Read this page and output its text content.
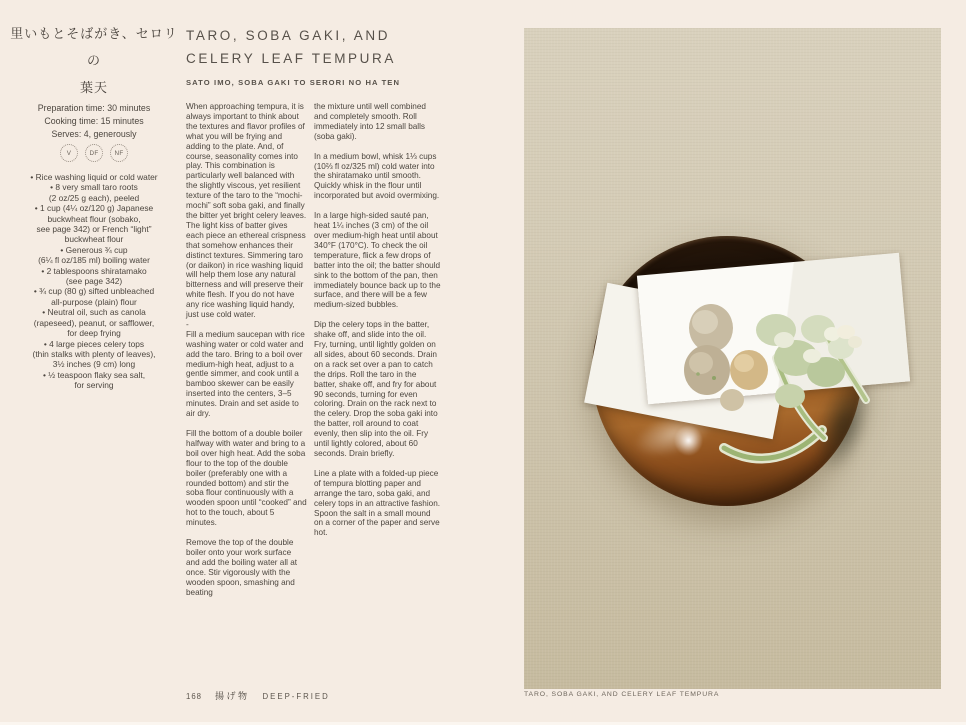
里いもとそばがき、セロリの
葉天
TARO, SOBA GAKI, AND
CELERY LEAF TEMPURA
SATO IMO, SOBA GAKI TO SERORI NO HA TEN
Preparation time: 30 minutes
Cooking time: 15 minutes
Serves: 4, generously
V	DF	NF
• Rice washing liquid or cold water
• 8 very small taro roots
(2 oz/25 g each), peeled
• 1 cup (4¼ oz/120 g) Japanese
buckwheat flour (sobako,
see page 342) or French “light”
buckwheat flour
• Generous ¾ cup
(6¼ fl oz/185 ml) boiling water
• 2 tablespoons shiratamako
(see page 342)
• ¾ cup (80 g) sifted unbleached
all-purpose (plain) flour
• Neutral oil, such as canola
(rapeseed), peanut, or safflower,
for deep frying
• 4 large pieces celery tops
(thin stalks with plenty of leaves),
3½ inches (9 cm) long
• ½ teaspoon flaky sea salt,
for serving

When approaching tempura, it is always important to think about the textures and flavor profiles of what you will be frying and adding to the plate. And, of course, seasonality comes into play. This combination is particularly well balanced with the slightly viscous, yet resilient texture of the taro to the “mochi-mochi” soft soba gaki, and finally the bitter yet bright celery leaves. The light kiss of batter gives each piece an ethereal crispness that somehow enhances their distinct textures. Simmering taro (or daikon) in rice washing liquid will help them lose any natural bitterness and will preserve their white flesh. If you do not have any rice washing liquid handy, just use cold water.

-

Fill a medium saucepan with rice washing water or cold water and add the taro. Bring to a boil over medium-high heat, adjust to a gentle simmer, and cook until a bamboo skewer can be easily inserted into the centers, 3–5 minutes. Drain and set aside to air dry.

Fill the bottom of a double boiler halfway with water and bring to a boil over high heat. Add the soba flour to the top of the double boiler (preferably one with a rounded bottom) and stir the soba flour continuously with a wooden spoon until “cooked” and hot to the touch, about 5 minutes.

Remove the top of the double boiler onto your work surface and add the boiling water all at once. Stir vigorously with the wooden spoon, smashing and beating

the mixture until well combined and completely smooth. Roll immediately into 12 small balls (soba gaki).

In a medium bowl, whisk 1⅓ cups (10⅔ fl oz/325 ml) cold water into the shiratamako until smooth. Quickly whisk in the flour until incorporated but avoid overmixing.

In a large high-sided sauté pan, heat 1¼ inches (3 cm) of the oil over medium-high heat until about 340°F (170°C). To check the oil temperature, flick a few drops of batter into the oil; the batter should sink to the bottom of the pan, then immediately bounce back up to the surface, and there will be a few medium-sized bubbles.

Dip the celery tops in the batter, shake off, and slide into the oil. Fry, turning, until lightly golden on all sides, about 60 seconds. Drain on a rack set over a pan to catch the drips. Roll the taro in the batter, shake off, and fry for about 90 seconds, turning for even coloring. Drain on the rack next to the celery. Drop the soba gaki into the batter, roll around to coat evenly, then slip into the oil. Fry until lightly colored, about 60 seconds. Drain briefly.

Line a plate with a folded-up piece of tempura blotting paper and arrange the taro, soba gaki, and celery tops in an attractive fashion. Spoon the salt in a small mound on a corner of the paper and serve hot.

TARO, SOBA GAKI, AND CELERY LEAF TEMPURA
168 揚げ物 DEEP-FRIED
